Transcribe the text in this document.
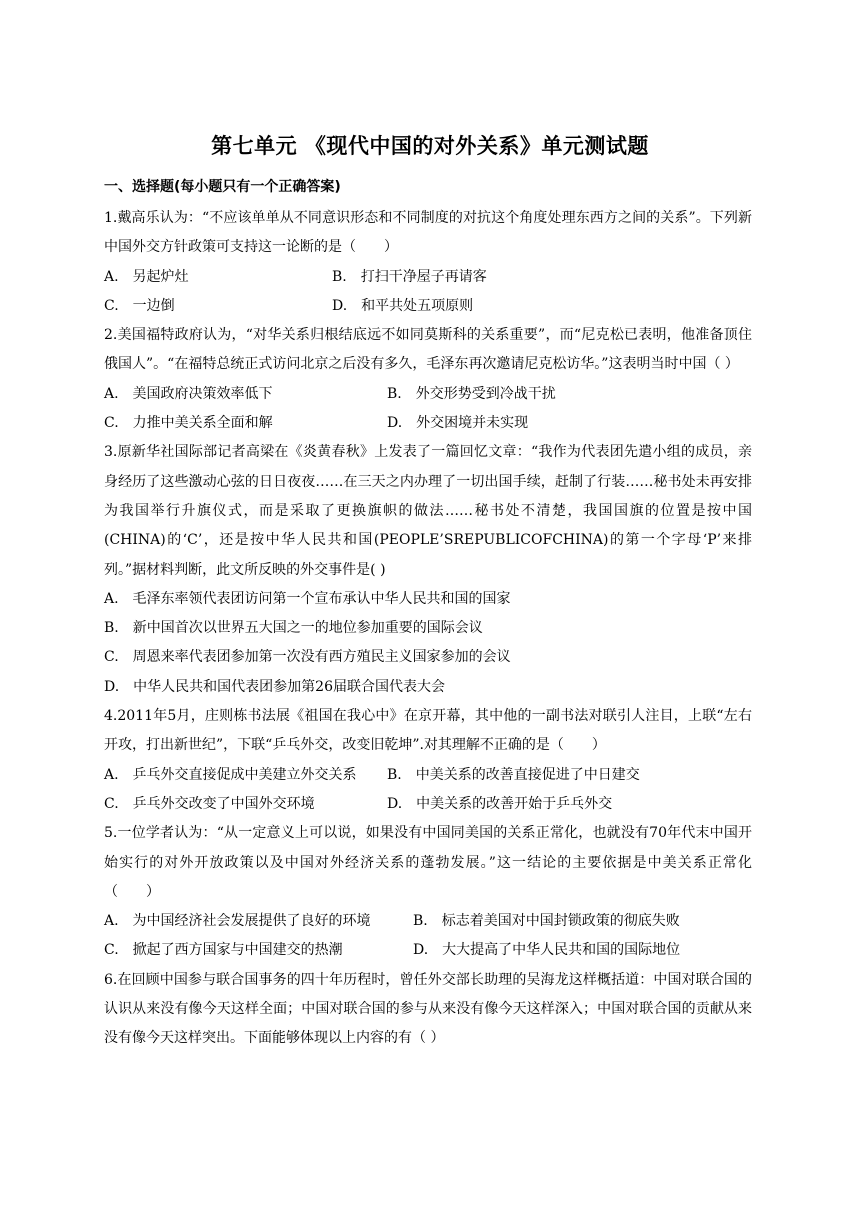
第七单元 《现代中国的对外关系》单元测试题
一、选择题(每小题只有一个正确答案)

1.戴高乐认为：“不应该单单从不同意识形态和不同制度的对抗这个角度处理东西方之间的关系”。下列新中国外交方针政策可支持这一论断的是（　　）

A.　另起炉灶	B.　打扫干净屋子再请客
C.　一边倒	D.　和平共处五项原则

2.美国福特政府认为，“对华关系归根结底远不如同莫斯科的关系重要”，而“尼克松已表明，他准备顶住俄国人”。“在福特总统正式访问北京之后没有多久，毛泽东再次邀请尼克松访华。”这表明当时中国（ ）

A.　美国政府决策效率低下	B.　外交形势受到冷战干扰
C.　力推中美关系全面和解	D.　外交困境并未实现

3.原新华社国际部记者高梁在《炎黄春秋》上发表了一篇回忆文章：“我作为代表团先遣小组的成员，亲身经历了这些激动心弦的日日夜夜……在三天之内办理了一切出国手续，赶制了行装……秘书处未再安排为我国举行升旗仪式，而是采取了更换旗帜的做法……秘书处不清楚，我国国旗的位置是按中国(CHINA)的‘C’，还是按中华人民共和国(PEOPLE’SREPUBLICOFCHINA)的第一个字母‘P’来排列。”据材料判断，此文所反映的外交事件是( )

A.　毛泽东率领代表团访问第一个宣布承认中华人民共和国的国家

B.　新中国首次以世界五大国之一的地位参加重要的国际会议

C.　周恩来率代表团参加第一次没有西方殖民主义国家参加的会议

D.　中华人民共和国代表团参加第26届联合国代表大会

4.2011年5月，庄则栋书法展《祖国在我心中》在京开幕，其中他的一副书法对联引人注目，上联“左右开攻，打出新世纪”，下联“乒乓外交，改变旧乾坤”.对其理解不正确的是（　　）

A.　乒乓外交直接促成中美建立外交关系	B.　中美关系的改善直接促进了中日建交
C.　乒乓外交改变了中国外交环境	D.　中美关系的改善开始于乒乓外交

5.一位学者认为：“从一定意义上可以说，如果没有中国同美国的关系正常化，也就没有70年代末中国开始实行的对外开放政策以及中国对外经济关系的蓬勃发展。”这一结论的主要依据是中美关系正常化（　　）

A.　为中国经济社会发展提供了良好的环境	B.　标志着美国对中国封锁政策的彻底失败
C.　掀起了西方国家与中国建交的热潮	D.　大大提高了中华人民共和国的国际地位

6.在回顾中国参与联合国事务的四十年历程时，曾任外交部长助理的吴海龙这样概括道：中国对联合国的认识从来没有像今天这样全面；中国对联合国的参与从来没有像今天这样深入；中国对联合国的贡献从来没有像今天这样突出。下面能够体现以上内容的有（ ）
